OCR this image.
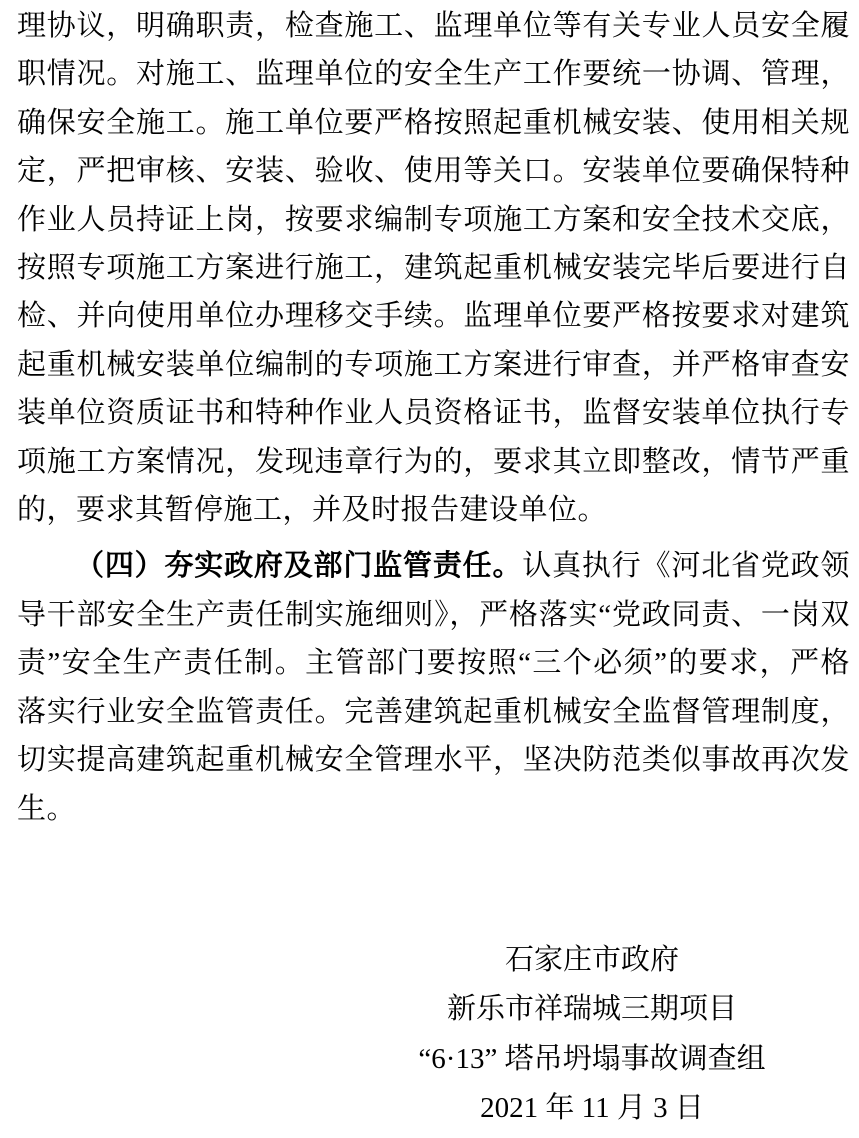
理协议，明确职责，检查施工、监理单位等有关专业人员安全履职情况。对施工、监理单位的安全生产工作要统一协调、管理，确保安全施工。施工单位要严格按照起重机械安装、使用相关规定，严把审核、安装、验收、使用等关口。安装单位要确保特种作业人员持证上岗，按要求编制专项施工方案和安全技术交底，按照专项施工方案进行施工，建筑起重机械安装完毕后要进行自检、并向使用单位办理移交手续。监理单位要严格按要求对建筑起重机械安装单位编制的专项施工方案进行审查，并严格审查安装单位资质证书和特种作业人员资格证书，监督安装单位执行专项施工方案情况，发现违章行为的，要求其立即整改，情节严重的，要求其暂停施工，并及时报告建设单位。

（四）夯实政府及部门监管责任。认真执行《河北省党政领导干部安全生产责任制实施细则》，严格落实“党政同责、一岗双责”安全生产责任制。主管部门要按照“三个必须”的要求，严格落实行业安全监管责任。完善建筑起重机械安全监督管理制度，切实提高建筑起重机械安全管理水平，坚决防范类似事故再次发生。

石家庄市政府
新乐市祥瑞城三期项目
“6·13” 塔吊坍塌事故调查组
2021 年 11 月 3 日
